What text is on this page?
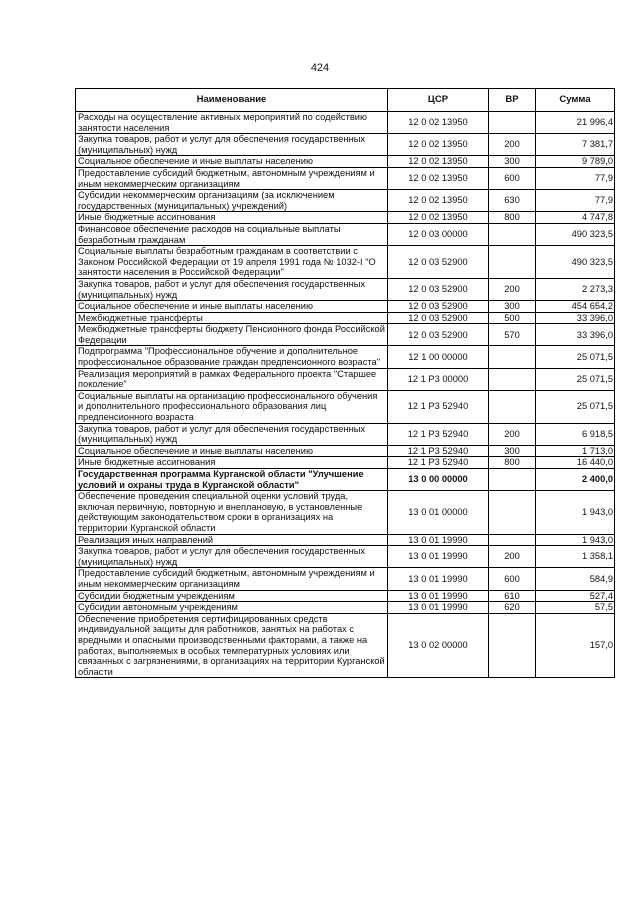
424
Наименование	ЦСР	ВР	Сумма
Расходы на осуществление активных мероприятий по содействию занятости населения	12 0 02 13950		21 996,4
Закупка товаров, работ и услуг для обеспечения государственных (муниципальных) нужд	12 0 02 13950	200	7 381,7
Социальное обеспечение и иные выплаты населению	12 0 02 13950	300	9 789,0
Предоставление субсидий бюджетным, автономным учреждениям и иным некоммерческим организациям	12 0 02 13950	600	77,9
Субсидии некоммерческим организациям (за исключением государственных (муниципальных) учреждений)	12 0 02 13950	630	77,9
Иные бюджетные ассигнования	12 0 02 13950	800	4 747,8
Финансовое обеспечение расходов на социальные выплаты безработным гражданам	12 0 03 00000		490 323,5
Социальные выплаты безработным гражданам в соответствии с Законом Российской Федерации от 19 апреля 1991 года № 1032-I "О занятости населения в Российской Федерации"	12 0 03 52900		490 323,5
Закупка товаров, работ и услуг для обеспечения государственных (муниципальных) нужд	12 0 03 52900	200	2 273,3
Социальное обеспечение и иные выплаты населению	12 0 03 52900	300	454 654,2
Межбюджетные трансферты	12 0 03 52900	500	33 396,0
Межбюджетные трансферты бюджету Пенсионного фонда Российской Федерации	12 0 03 52900	570	33 396,0
Подпрограмма "Профессиональное обучение и дополнительное профессиональное образование граждан предпенсионного возраста"	12 1 00 00000		25 071,5
Реализация мероприятий в рамках Федерального проекта "Старшее поколение"	12 1 P3 00000		25 071,5
Социальные выплаты на организацию профессионального обучения и дополнительного профессионального образования лиц предпенсионного возраста	12 1 P3 52940		25 071,5
Закупка товаров, работ и услуг для обеспечения государственных (муниципальных) нужд	12 1 P3 52940	200	6 918,5
Социальное обеспечение и иные выплаты населению	12 1 P3 52940	300	1 713,0
Иные бюджетные ассигнования	12 1 P3 52940	800	16 440,0
Государственная программа Курганской области "Улучшение условий и охраны труда в Курганской области"	13 0 00 00000		2 400,0
Обеспечение проведения специальной оценки условий труда, включая первичную, повторную и внеплановую, в установленные действующим законодательством сроки в организациях на территории Курганской области	13 0 01 00000		1 943,0
Реализация иных направлений	13 0 01 19990		1 943,0
Закупка товаров, работ и услуг для обеспечения государственных (муниципальных) нужд	13 0 01 19990	200	1 358,1
Предоставление субсидий бюджетным, автономным учреждениям и иным некоммерческим организациям	13 0 01 19990	600	584,9
Субсидии бюджетным учреждениям	13 0 01 19990	610	527,4
Субсидии автономным учреждениям	13 0 01 19990	620	57,5
Обеспечение приобретения сертифицированных средств индивидуальной защиты для работников, занятых на работах с вредными и опасными производственными факторами, а также на работах, выполняемых в особых температурных условиях или связанных с загрязнениями, в организациях на территории Курганской области	13 0 02 00000		157,0
